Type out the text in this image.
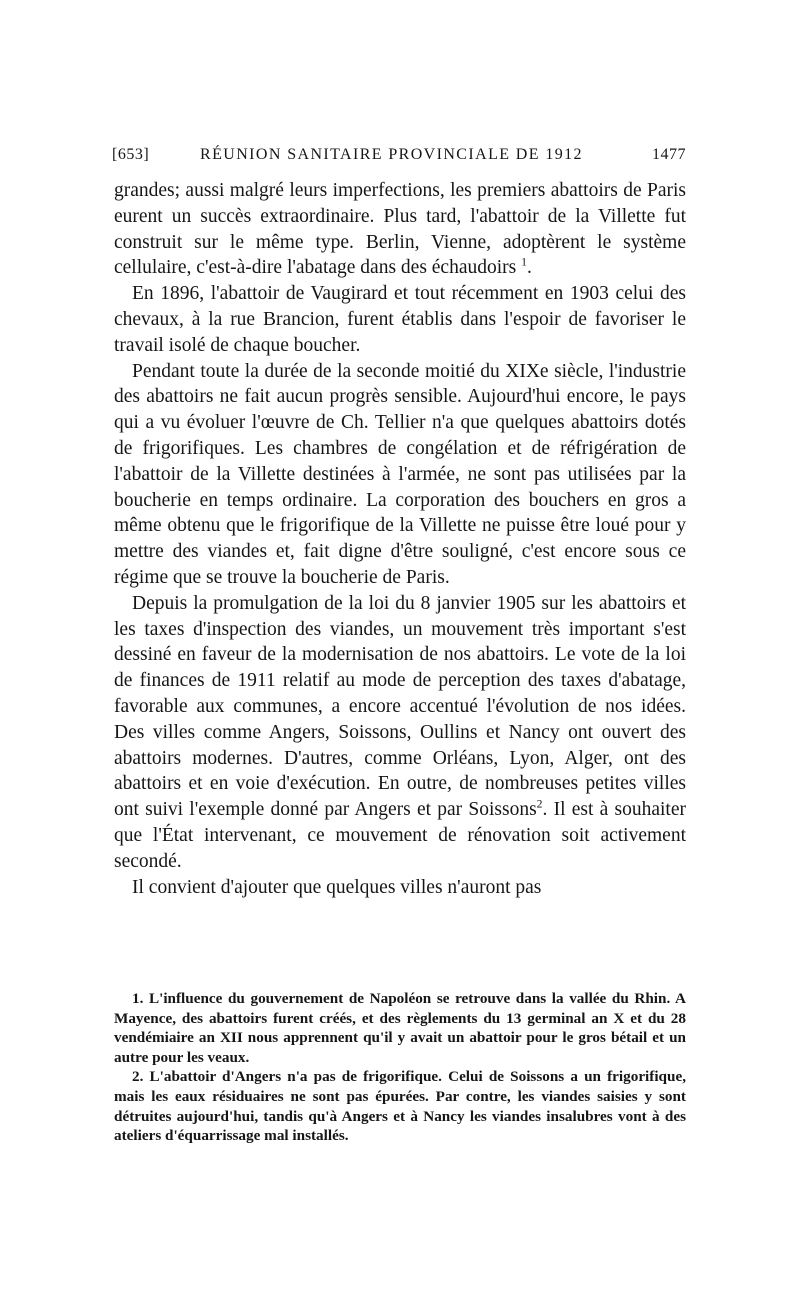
[653]	RÉUNION SANITAIRE PROVINCIALE DE 1912	1477

grandes; aussi malgré leurs imperfections, les premiers abattoirs de Paris eurent un succès extraordinaire. Plus tard, l'abattoir de la Villette fut construit sur le même type. Berlin, Vienne, adoptèrent le système cellulaire, c'est-à-dire l'abatage dans des échaudoirs $^1$.

En 1896, l'abattoir de Vaugirard et tout récemment en 1903 celui des chevaux, à la rue Brancion, furent établis dans l'espoir de favoriser le travail isolé de chaque boucher.

Pendant toute la durée de la seconde moitié du XIXe siècle, l'industrie des abattoirs ne fait aucun progrès sensible. Aujourd'hui encore, le pays qui a vu évoluer l'œuvre de Ch. Tellier n'a que quelques abattoirs dotés de frigorifiques. Les chambres de congélation et de réfrigération de l'abattoir de la Villette destinées à l'armée, ne sont pas utilisées par la boucherie en temps ordinaire. La corporation des bouchers en gros a même obtenu que le frigorifique de la Villette ne puisse être loué pour y mettre des viandes et, fait digne d'être souligné, c'est encore sous ce régime que se trouve la boucherie de Paris.

Depuis la promulgation de la loi du 8 janvier 1905 sur les abattoirs et les taxes d'inspection des viandes, un mouvement très important s'est dessiné en faveur de la modernisation de nos abattoirs. Le vote de la loi de finances de 1911 relatif au mode de perception des taxes d'abatage, favorable aux communes, a encore accentué l'évolution de nos idées. Des villes comme Angers, Soissons, Oullins et Nancy ont ouvert des abattoirs modernes. D'autres, comme Orléans, Lyon, Alger, ont des abattoirs et en voie d'exécution. En outre, de nombreuses petites villes ont suivi l'exemple donné par Angers et par Soissons$^2$. Il est à souhaiter que l'État intervenant, ce mouvement de rénovation soit activement secondé.

Il convient d'ajouter que quelques villes n'auront pas

1. L'influence du gouvernement de Napoléon se retrouve dans la vallée du Rhin. A Mayence, des abattoirs furent créés, et des règlements du 13 germinal an X et du 28 vendémiaire an XII nous apprennent qu'il y avait un abattoir pour le gros bétail et un autre pour les veaux.

2. L'abattoir d'Angers n'a pas de frigorifique. Celui de Soissons a un frigorifique, mais les eaux résiduaires ne sont pas épurées. Par contre, les viandes saisies y sont détruites aujourd'hui, tandis qu'à Angers et à Nancy les viandes insalubres vont à des ateliers d'équarrissage mal installés.
